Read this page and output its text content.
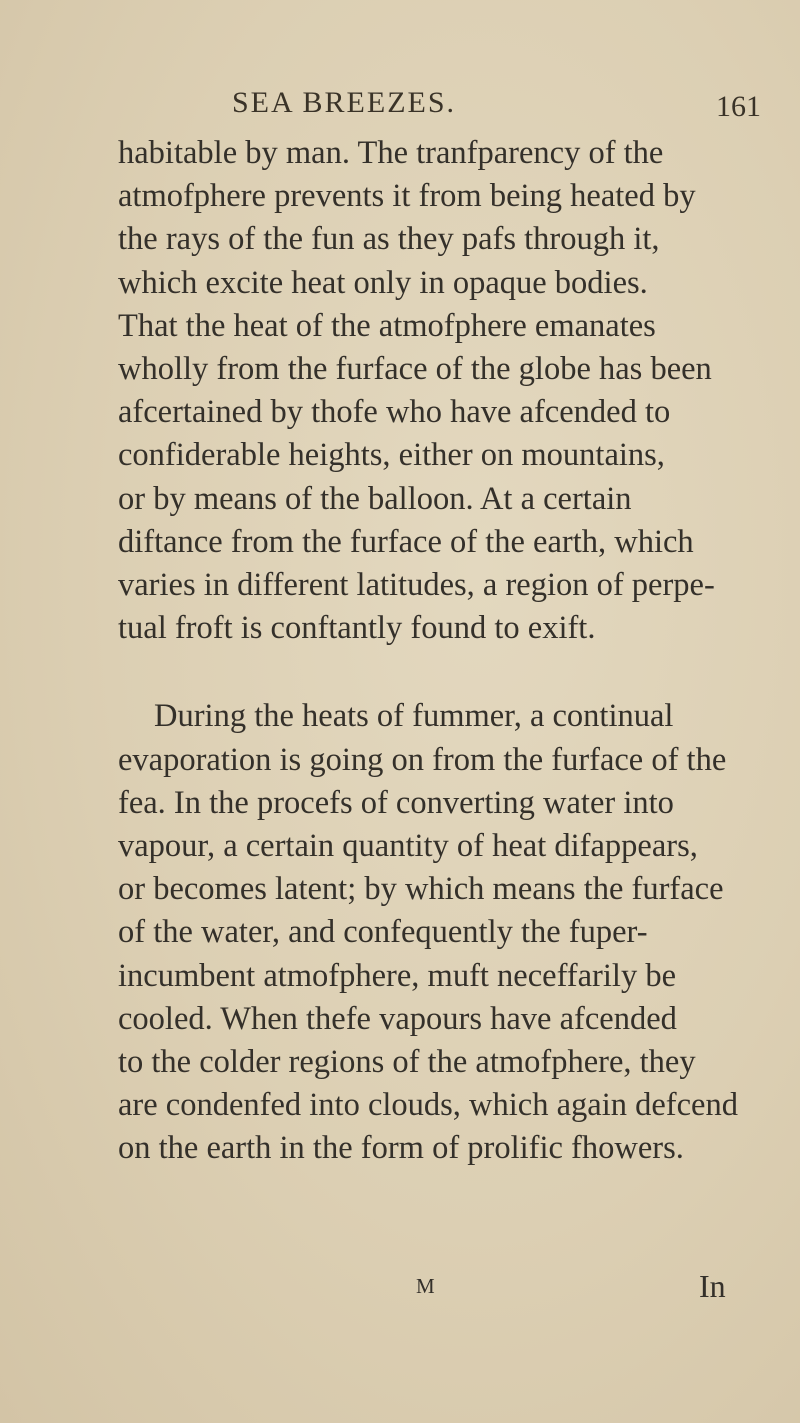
SEA BREEZES.	161
habitable by man. The tranfparency of the
atmofphere prevents it from being heated by
the rays of the fun as they pafs through it,
which excite heat only in opaque bodies.
That the heat of the atmofphere emanates
wholly from the furface of the globe has been
afcertained by thofe who have afcended to
confiderable heights, either on mountains,
or by means of the balloon. At a certain
diftance from the furface of the earth, which
varies in different latitudes, a region of perpe-
tual froft is conftantly found to exift.
During the heats of fummer, a continual
evaporation is going on from the furface of the
fea. In the procefs of converting water into
vapour, a certain quantity of heat difappears,
or becomes latent; by which means the furface
of the water, and confequently the fuper-
incumbent atmofphere, muft neceffarily be
cooled. When thefe vapours have afcended
to the colder regions of the atmofphere, they
are condenfed into clouds, which again defcend
on the earth in the form of prolific fhowers.
M	In
